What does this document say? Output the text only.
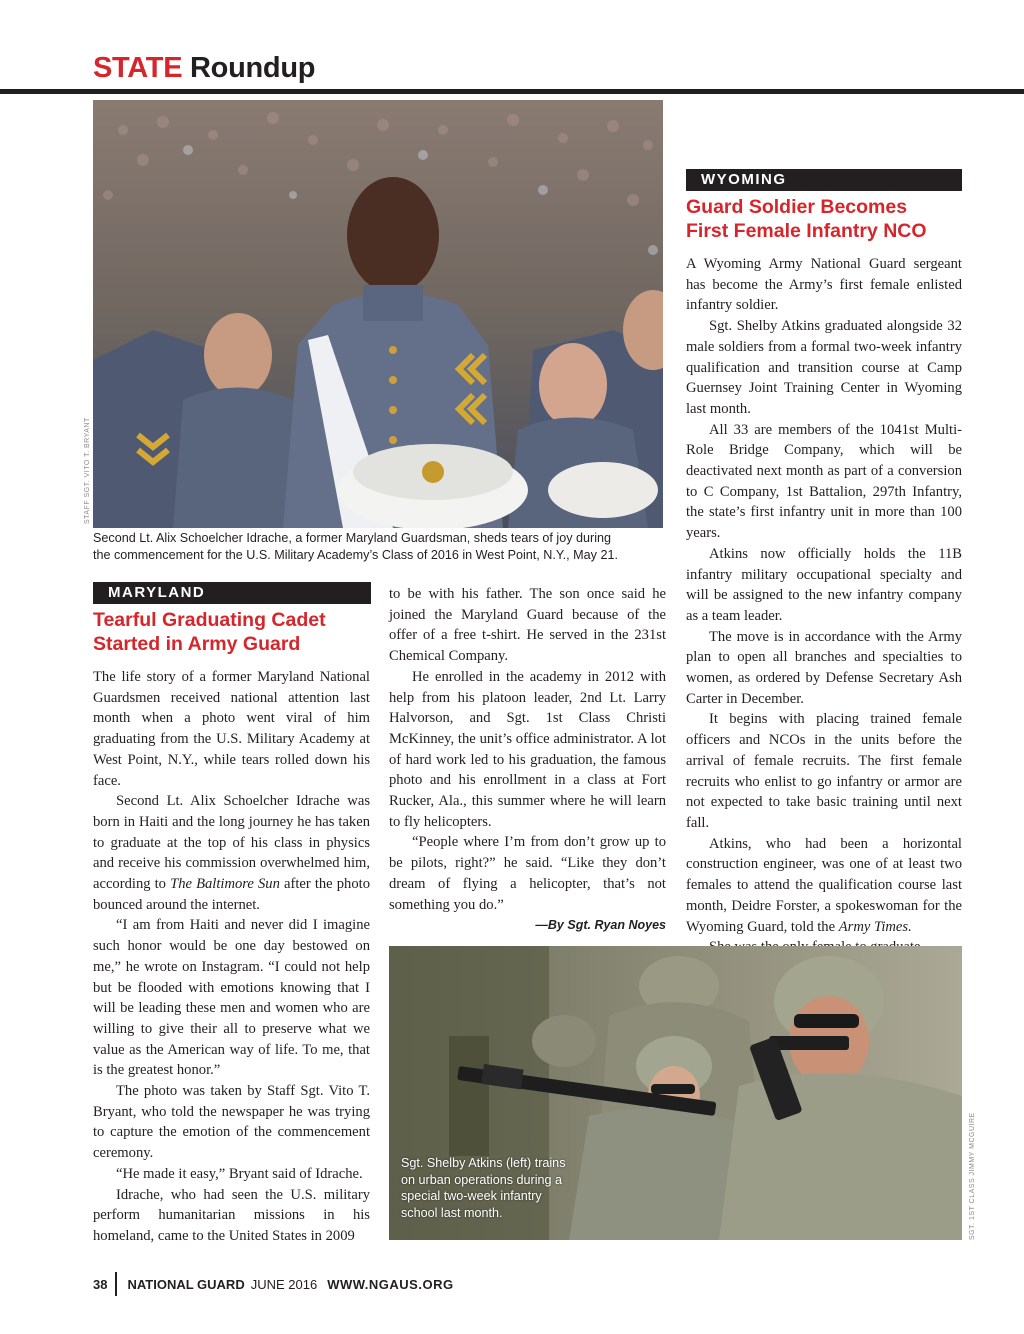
STATE Roundup
STAFF SGT. VITO T. BRYANT
Second Lt. Alix Schoelcher Idrache, a former Maryland Guardsman, sheds tears of joy during
the commencement for the U.S. Military Academy’s Class of 2016 in West Point, N.Y., May 21.
MARYLAND
Tearful Graduating Cadet
Started in Army Guard

The life story of a former Maryland National Guardsmen received national attention last month when a photo went viral of him graduating from the U.S. Military Academy at West Point, N.Y., while tears rolled down his face.

Second Lt. Alix Schoelcher Idrache was born in Haiti and the long journey he has taken to graduate at the top of his class in physics and receive his commission overwhelmed him, according to The Baltimore Sun after the photo bounced around the internet.

“I am from Haiti and never did I imagine such honor would be one day bestowed on me,” he wrote on Instagram. “I could not help but be flooded with emotions knowing that I will be leading these men and women who are willing to give their all to preserve what we value as the American way of life. To me, that is the greatest honor.”

The photo was taken by Staff Sgt. Vito T. Bryant, who told the newspaper he was trying to capture the emotion of the commencement ceremony.

“He made it easy,” Bryant said of Idrache.

Idrache, who had seen the U.S. military perform humanitarian missions in his homeland, came to the United States in 2009

to be with his father. The son once said he joined the Maryland Guard because of the offer of a free t-shirt. He served in the 231st Chemical Company.

He enrolled in the academy in 2012 with help from his platoon leader, 2nd Lt. Larry Halvorson, and Sgt. 1st Class Christi McKinney, the unit’s office administrator. A lot of hard work led to his graduation, the famous photo and his enrollment in a class at Fort Rucker, Ala., this summer where he will learn to fly helicopters.

“People where I’m from don’t grow up to be pilots, right?” he said. “Like they don’t dream of flying a helicopter, that’s not something you do.”

—By Sgt. Ryan Noyes

WYOMING
Guard Soldier Becomes
First Female Infantry NCO

A Wyoming Army National Guard sergeant has become the Army’s first female enlisted infantry soldier.

Sgt. Shelby Atkins graduated alongside 32 male soldiers from a formal two-week infantry qualification and transition course at Camp Guernsey Joint Training Center in Wyoming last month.

All 33 are members of the 1041st Multi-Role Bridge Company, which will be deactivated next month as part of a conversion to C Company, 1st Battalion, 297th Infantry, the state’s first infantry unit in more than 100 years.

Atkins now officially holds the 11B infantry military occupational specialty and will be assigned to the new infantry company as a team leader.

The move is in accordance with the Army plan to open all branches and specialties to women, as ordered by Defense Secretary Ash Carter in December.

It begins with placing trained female officers and NCOs in the units before the arrival of female recruits. The first female recruits who enlist to go infantry or armor are not expected to take basic training until next fall.

Atkins, who had been a horizontal construction engineer, was one of at least two females to attend the qualification course last month, Deidre Forster, a spokeswoman for the Wyoming Guard, told the Army Times.

Sgt. Shelby Atkins (left) trains on urban operations during a special two-week infantry school last month.	SGT. 1ST CLASS JIMMY MCGUIRE
38 NATIONAL GUARD JUNE 2016 WWW.NGAUS.ORG
